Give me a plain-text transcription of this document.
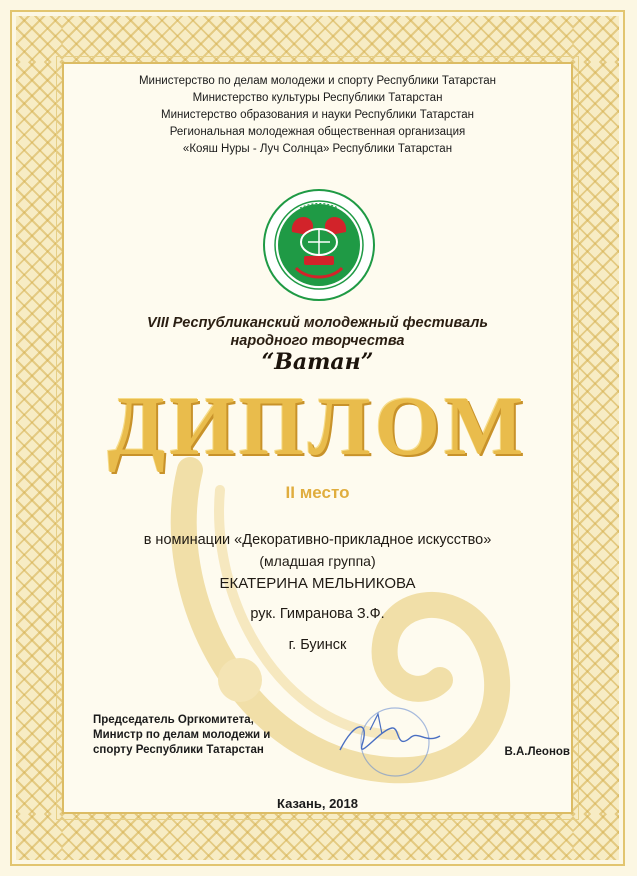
Министерство по делам молодежи и спорту Республики Татарстан
Министерство культуры Республики Татарстан
Министерство образования и науки Республики Татарстан
Региональная молодежная общественная организация
«Кояш Нуры - Луч Солнца» Республики Татарстан
VIII Республиканский молодежный фестиваль
народного творчества
“Ватан”
ДИПЛОМ
II место
в номинации «Декоративно-прикладное искусство»
(младшая группа)
ЕКАТЕРИНА МЕЛЬНИКОВА
рук. Гимранова З.Ф.
г. Буинск
Председатель Оргкомитета,
Министр по делам молодежи и
спорту Республики Татарстан	В.А.Леонов
Казань, 2018
